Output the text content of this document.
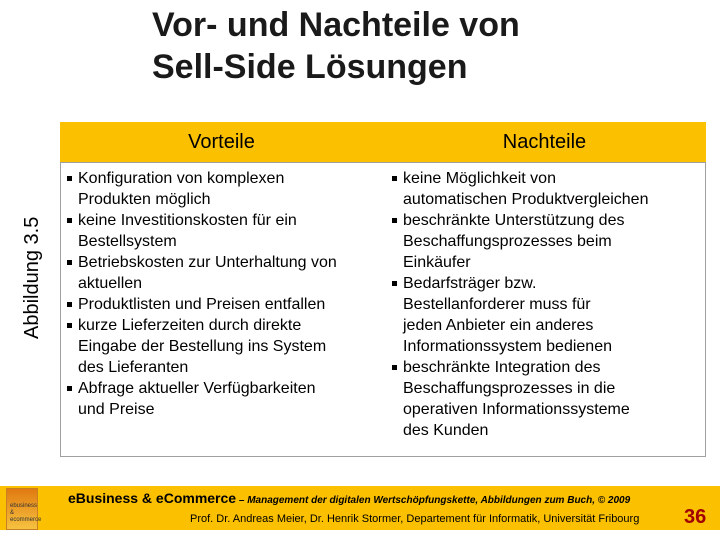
Vor- und Nachteile von
Sell-Side Lösungen
Abbildung 3.5
Vorteile	Nachteile
Konfiguration von komplexen
Produkten möglich
keine Investitionskosten für ein
Bestellsystem
Betriebskosten zur Unterhaltung von
aktuellen
Produktlisten und Preisen entfallen
kurze Lieferzeiten durch direkte
Eingabe der Bestellung ins System
des Lieferanten
Abfrage aktueller Verfügbarkeiten
und Preise
keine Möglichkeit von
automatischen Produktvergleichen
beschränkte Unterstützung des
Beschaffungsprozesses beim
Einkäufer
Bedarfsträger bzw.
Bestellanforderer muss für
jeden Anbieter ein anderes
Informationssystem bedienen
beschränkte Integration des
Beschaffungsprozesses in die
operativen Informationssysteme
des Kunden
ebusiness & ecommerce
eBusiness & eCommerce – Management der digitalen Wertschöpfungskette, Abbildungen zum Buch, © 2009
Prof. Dr. Andreas Meier, Dr. Henrik Stormer, Departement für Informatik, Universität Fribourg 36
